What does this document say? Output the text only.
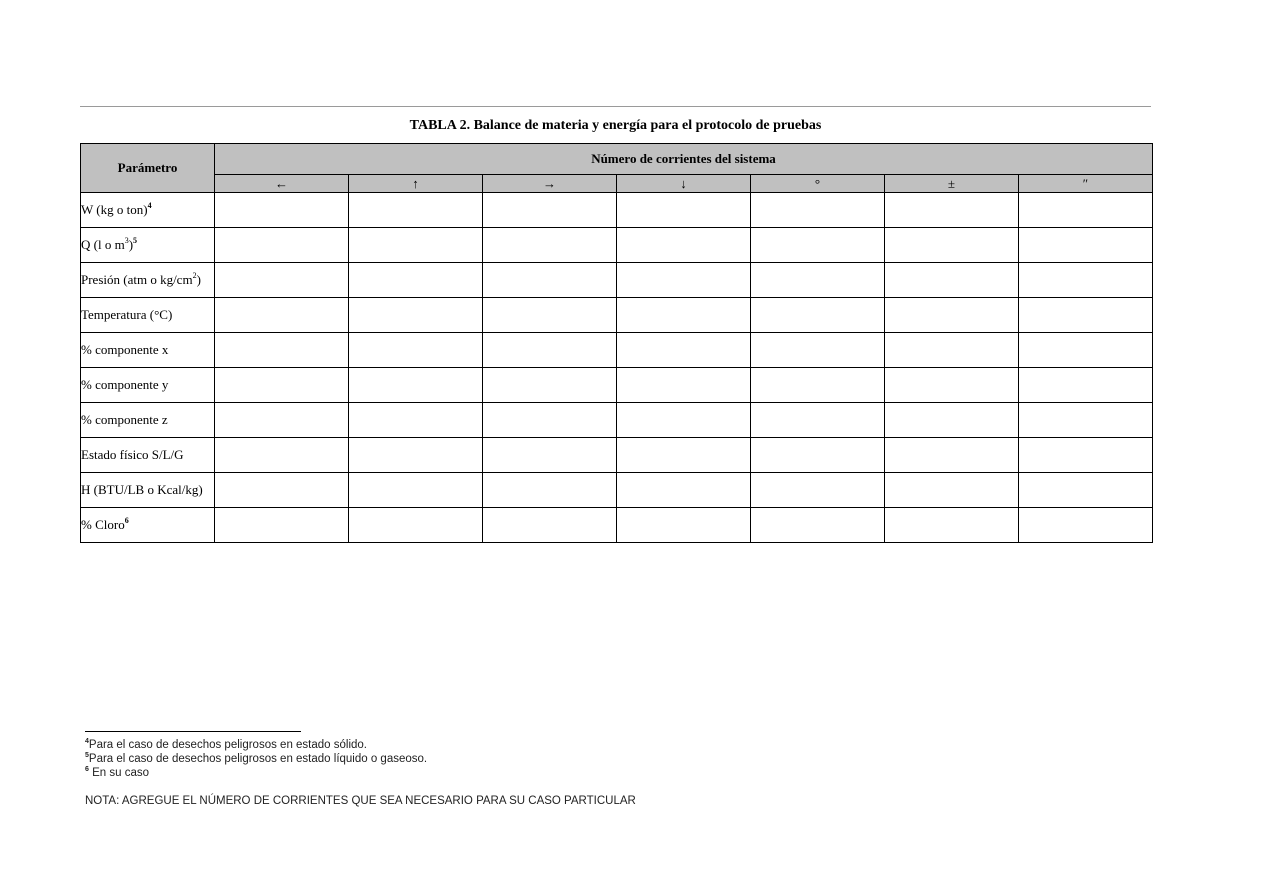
TABLA 2. Balance de materia y energía para el protocolo de pruebas
Parámetro	Número de corrientes del sistema						
	←	↑	→	↓	°	±	″
W (kg o ton)$^4$							
Q (l o $m^3)^5$							
Presión (atm o $kg/cm^2$)							
Temperatura (°C)							
% componente x							
% componente y							
% componente z							
Estado físico S/L/G							
H (BTU/LB o Kcal/kg)							
% Cloro$^6$							
$^4$Para el caso de desechos peligrosos en estado sólido.
$^5$Para el caso de desechos peligrosos en estado líquido o gaseoso.
$^6$ En su caso
NOTA: AGREGUE EL NÚMERO DE CORRIENTES QUE SEA NECESARIO PARA SU CASO PARTICULAR
